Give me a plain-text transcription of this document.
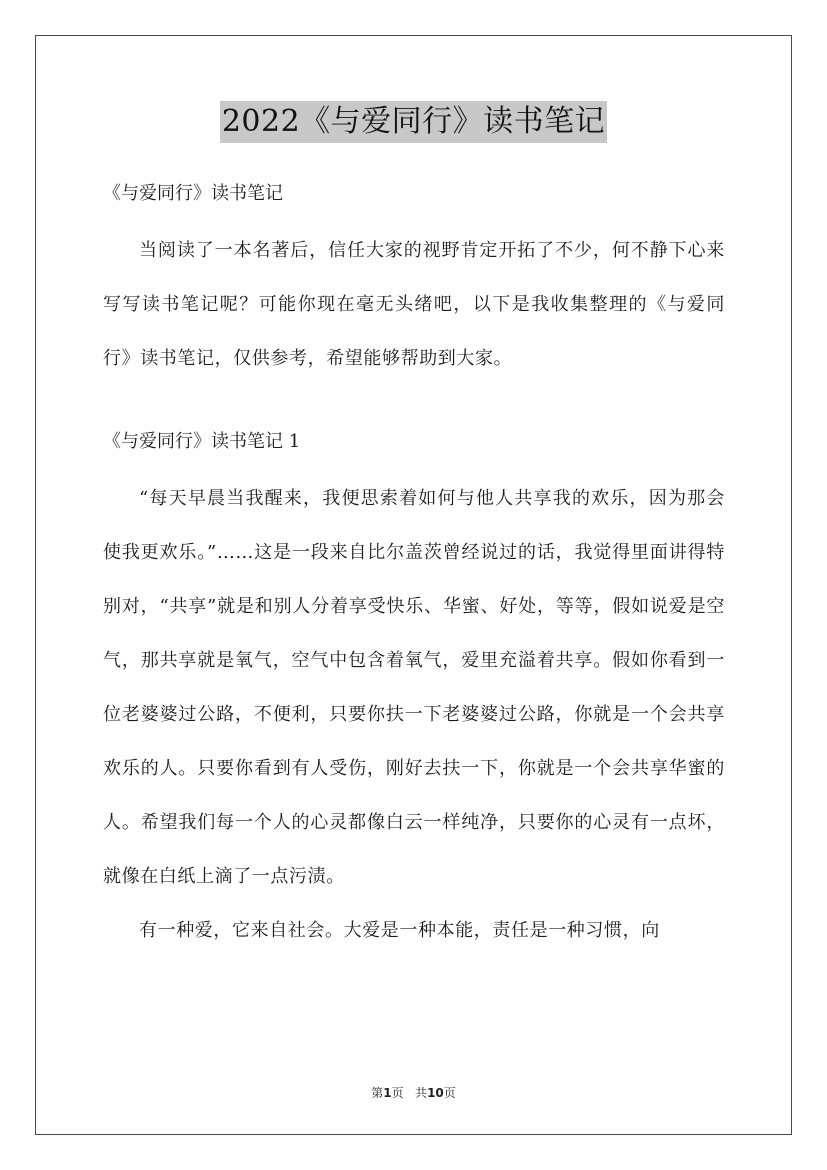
2022《与爱同行》读书笔记

《与爱同行》读书笔记

当阅读了一本名著后，信任大家的视野肯定开拓了不少，何不静下心来写写读书笔记呢？可能你现在毫无头绪吧，以下是我收集整理的《与爱同行》读书笔记，仅供参考，希望能够帮助到大家。

《与爱同行》读书笔记 1

“每天早晨当我醒来，我便思索着如何与他人共享我的欢乐，因为那会使我更欢乐。”……这是一段来自比尔盖茨曾经说过的话，我觉得里面讲得特别对，“共享”就是和别人分着享受快乐、华蜜、好处，等等，假如说爱是空气，那共享就是氧气，空气中包含着氧气，爱里充溢着共享。假如你看到一位老婆婆过公路，不便利，只要你扶一下老婆婆过公路，你就是一个会共享欢乐的人。只要你看到有人受伤，刚好去扶一下，你就是一个会共享华蜜的人。希望我们每一个人的心灵都像白云一样纯净，只要你的心灵有一点坏，就像在白纸上滴了一点污渍。

有一种爱，它来自社会。大爱是一种本能，责任是一种习惯，向

第1页 共10页
